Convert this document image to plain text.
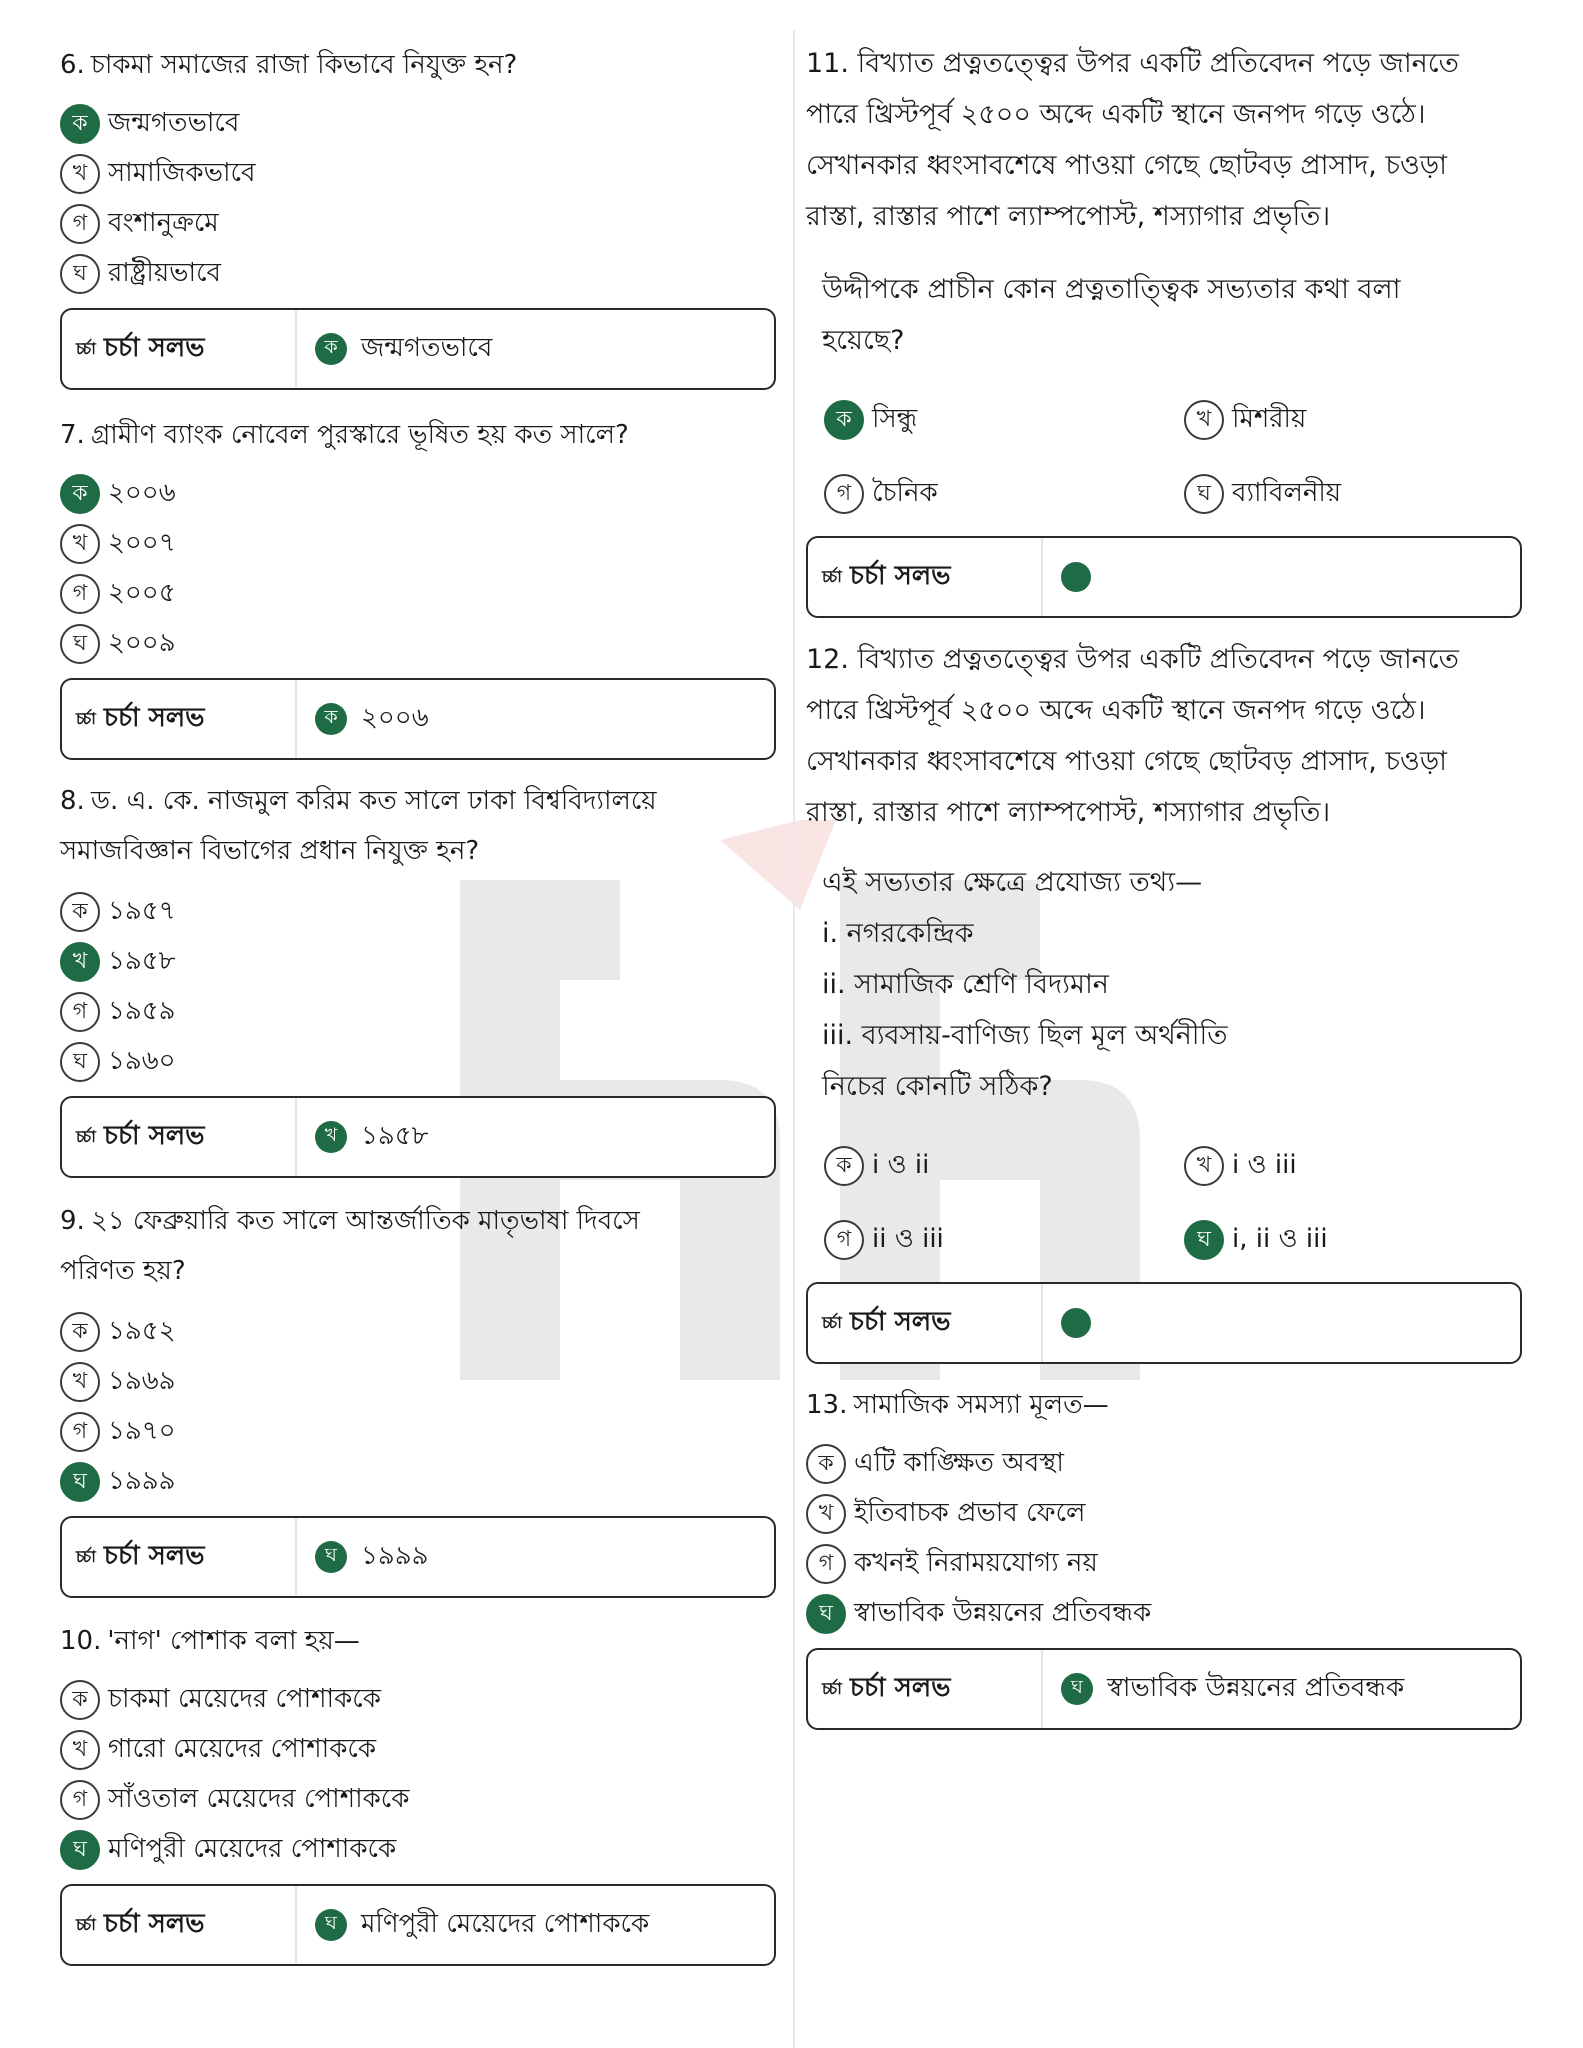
6. চাকমা সমাজের রাজা কিভাবে নিযুক্ত হন?
ক জন্মগতভাবে
খ সামাজিকভাবে
গ বংশানুক্রমে
ঘ রাষ্ট্রীয়ভাবে
চর্চা চর্চা সলভ	ক জন্মগতভাবে
7. গ্রামীণ ব্যাংক নোবেল পুরস্কারে ভূষিত হয় কত সালে?
ক ২০০৬
খ ২০০৭
গ ২০০৫
ঘ ২০০৯
চর্চা চর্চা সলভ	ক ২০০৬
8. ড. এ. কে. নাজমুল করিম কত সালে ঢাকা বিশ্ববিদ্যালয়ে
সমাজবিজ্ঞান বিভাগের প্রধান নিযুক্ত হন?
ক ১৯৫৭
খ ১৯৫৮
গ ১৯৫৯
ঘ ১৯৬০
চর্চা চর্চা সলভ	খ ১৯৫৮
9. ২১ ফেব্রুয়ারি কত সালে আন্তর্জাতিক মাতৃভাষা দিবসে
পরিণত হয়?
ক ১৯৫২
খ ১৯৬৯
গ ১৯৭০
ঘ ১৯৯৯
চর্চা চর্চা সলভ	ঘ ১৯৯৯
10. 'নাগ' পোশাক বলা হয়—
ক চাকমা মেয়েদের পোশাককে
খ গারো মেয়েদের পোশাককে
গ সাঁওতাল মেয়েদের পোশাককে
ঘ মণিপুরী মেয়েদের পোশাককে
চর্চা চর্চা সলভ	ঘ মণিপুরী মেয়েদের পোশাককে
11. বিখ্যাত প্রত্নতত্ত্বের উপর একটি প্রতিবেদন পড়ে জানতে
পারে খ্রিস্টপূর্ব ২৫০০ অব্দে একটি স্থানে জনপদ গড়ে ওঠে।
সেখানকার ধ্বংসাবশেষে পাওয়া গেছে ছোটবড় প্রাসাদ, চওড়া
রাস্তা, রাস্তার পাশে ল্যাম্পপোস্ট, শস্যাগার প্রভৃতি।
উদ্দীপকে প্রাচীন কোন প্রত্নতাত্ত্বিক সভ্যতার কথা বলা
হয়েছে?
ক সিন্ধু	খ মিশরীয়
গ চৈনিক	ঘ ব্যাবিলনীয়
চর্চা চর্চা সলভ
12. বিখ্যাত প্রত্নতত্ত্বের উপর একটি প্রতিবেদন পড়ে জানতে
পারে খ্রিস্টপূর্ব ২৫০০ অব্দে একটি স্থানে জনপদ গড়ে ওঠে।
সেখানকার ধ্বংসাবশেষে পাওয়া গেছে ছোটবড় প্রাসাদ, চওড়া
রাস্তা, রাস্তার পাশে ল্যাম্পপোস্ট, শস্যাগার প্রভৃতি।
এই সভ্যতার ক্ষেত্রে প্রযোজ্য তথ্য—
i. নগরকেন্দ্রিক
ii. সামাজিক শ্রেণি বিদ্যমান
iii. ব্যবসায়-বাণিজ্য ছিল মূল অর্থনীতি
নিচের কোনটি সঠিক?
ক i ও ii	খ i ও iii
গ ii ও iii	ঘ i, ii ও iii
চর্চা চর্চা সলভ
13. সামাজিক সমস্যা মূলত—
ক এটি কাঙ্ক্ষিত অবস্থা
খ ইতিবাচক প্রভাব ফেলে
গ কখনই নিরাময়যোগ্য নয়
ঘ স্বাভাবিক উন্নয়নের প্রতিবন্ধক
চর্চা চর্চা সলভ	ঘ স্বাভাবিক উন্নয়নের প্রতিবন্ধক
